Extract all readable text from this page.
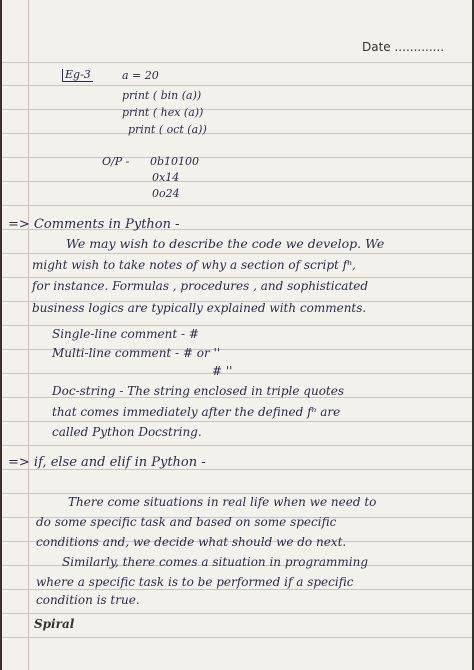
Date .............
Eg-3	a = 20
print ( bin (a))
print ( hex (a))
print ( oct (a))
O/P - 0b10100
0x14
0o24
=> Comments in Python -
We may wish to describe the code we develop. We
might wish to take notes of why a section of script fⁿ,
for instance. Formulas , procedures , and sophisticated
business logics are typically explained with comments.
Single-line comment - #
Multi-line comment - # or ''
# ''
Doc-string - The string enclosed in triple quotes
that comes immediately after the defined fⁿ are
called Python Docstring.
=> if, else and elif in Python -
There come situations in real life when we need to
do some specific task and based on some specific
conditions and, we decide what should we do next.
Similarly, there comes a situation in programming
where a specific task is to be performed if a specific
condition is true.
Spiral
